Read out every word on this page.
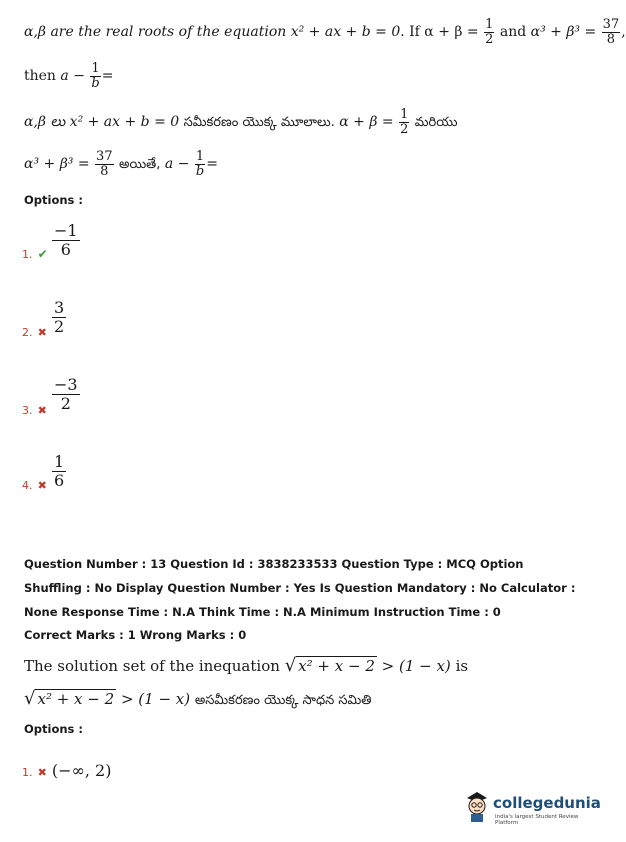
α,β are the real roots of the equation x² + ax + b = 0. If $\alpha + \beta = \frac{1}{2}$ and $\alpha^3 + \beta^3 = \frac{37}{8}$ ,
then $a - \frac{1}{b}$ =
α,β లు x² + ax + b = 0 సమీకరణం యొక్క మూలాలు. $\alpha + \beta = \frac{1}{2}$ మరియు
$\alpha^3 + \beta^3 = \frac{37}{8}$ అయితే, $a - \frac{1}{b}$ =
Options :
1. ✔ $\frac{-1}{6}$
2. ✖ $\frac{3}{2}$
3. ✖ $\frac{-3}{2}$
4. ✖ $\frac{1}{6}$
Question Number : 13 Question Id : 3838233533 Question Type : MCQ Option Shuffling : No Display Question Number : Yes Is Question Mandatory : No Calculator : None Response Time : N.A Think Time : N.A Minimum Instruction Time : 0
Correct Marks : 1 Wrong Marks : 0
The solution set of the inequation √ x² + x − 2 > (1 − x) is
√ x² + x − 2 > (1 − x) అసమీకరణం యొక్క సాధన సమితి
Options :
1. ✖ (−∞, 2)
collegedunia
India's largest Student Review Platform
